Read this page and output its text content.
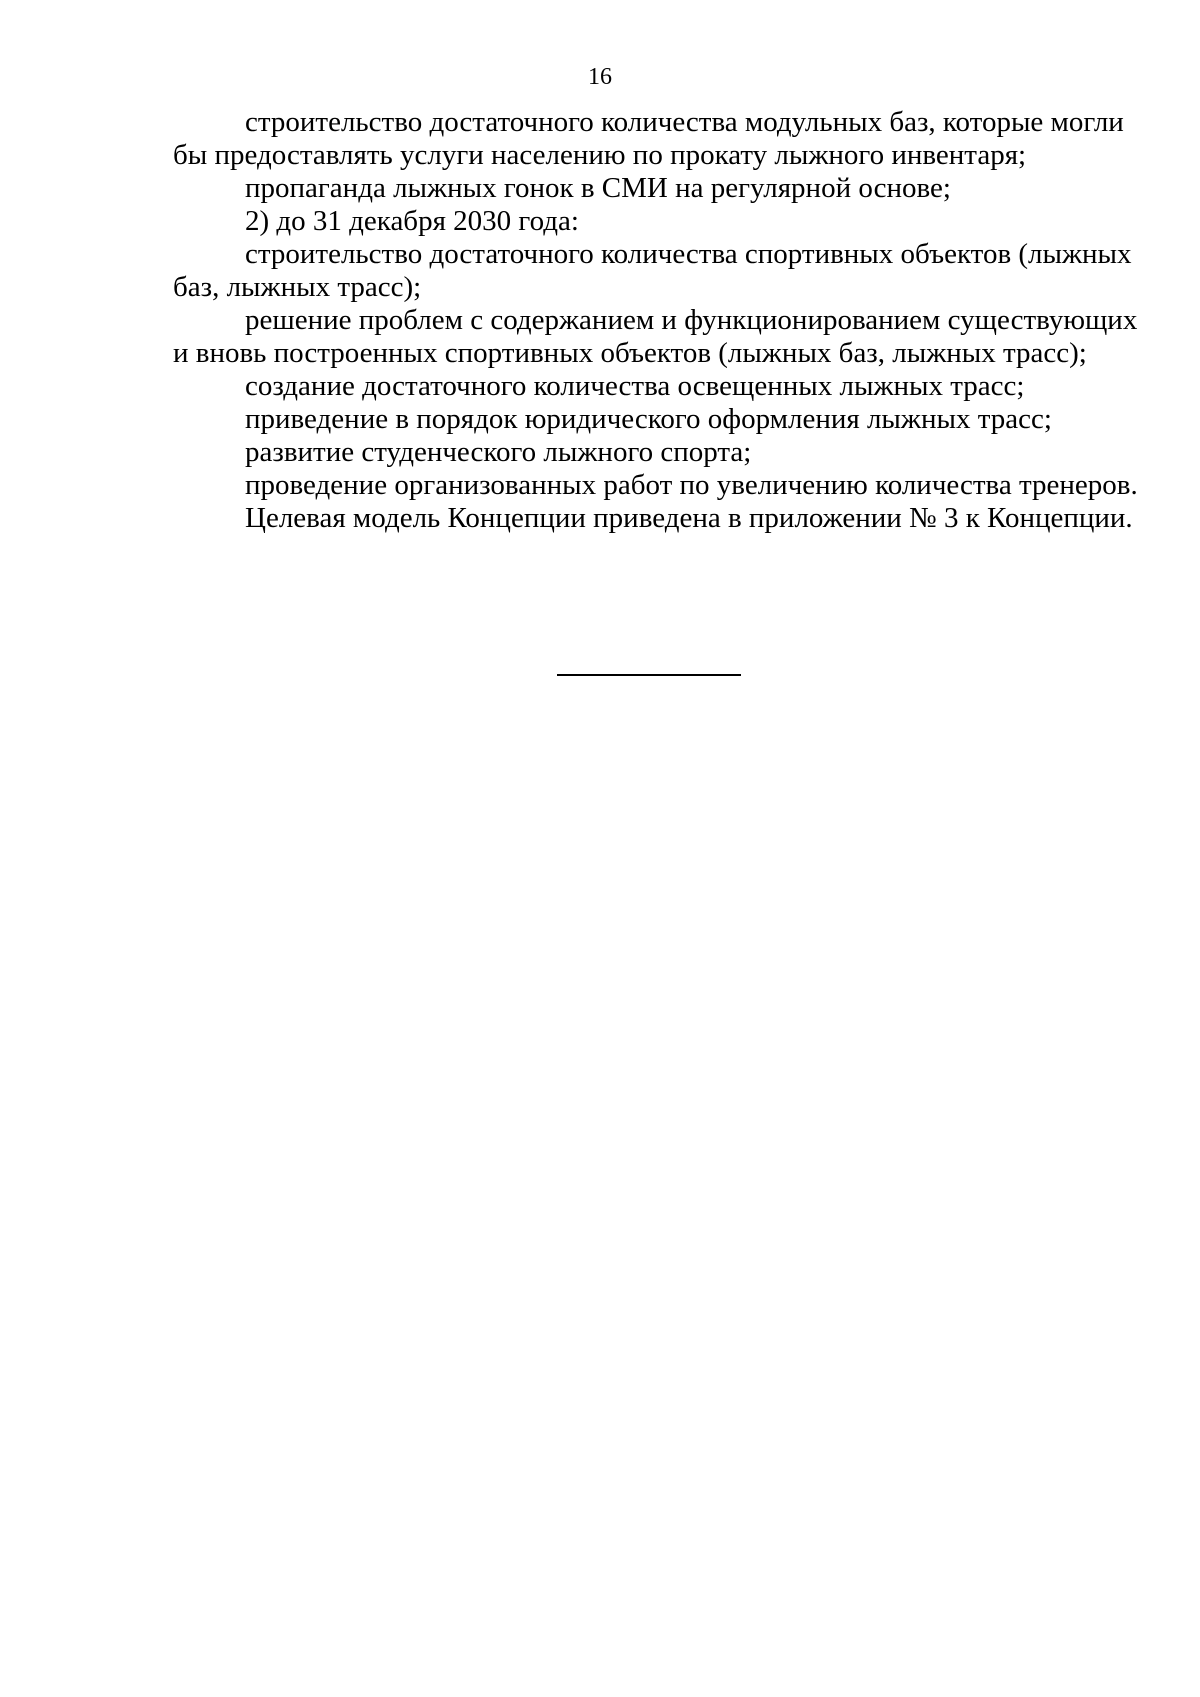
16
строительство достаточного количества модульных баз, которые могли
бы предоставлять услуги населению по прокату лыжного инвентаря;
пропаганда лыжных гонок в СМИ на регулярной основе;
2) до 31 декабря 2030 года:
строительство достаточного количества спортивных объектов (лыжных
баз, лыжных трасс);
решение проблем с содержанием и функционированием существующих
и вновь построенных спортивных объектов (лыжных баз, лыжных трасс);
создание достаточного количества освещенных лыжных трасс;
приведение в порядок юридического оформления лыжных трасс;
развитие студенческого лыжного спорта;
проведение организованных работ по увеличению количества тренеров.
Целевая модель Концепции приведена в приложении № 3 к Концепции.
